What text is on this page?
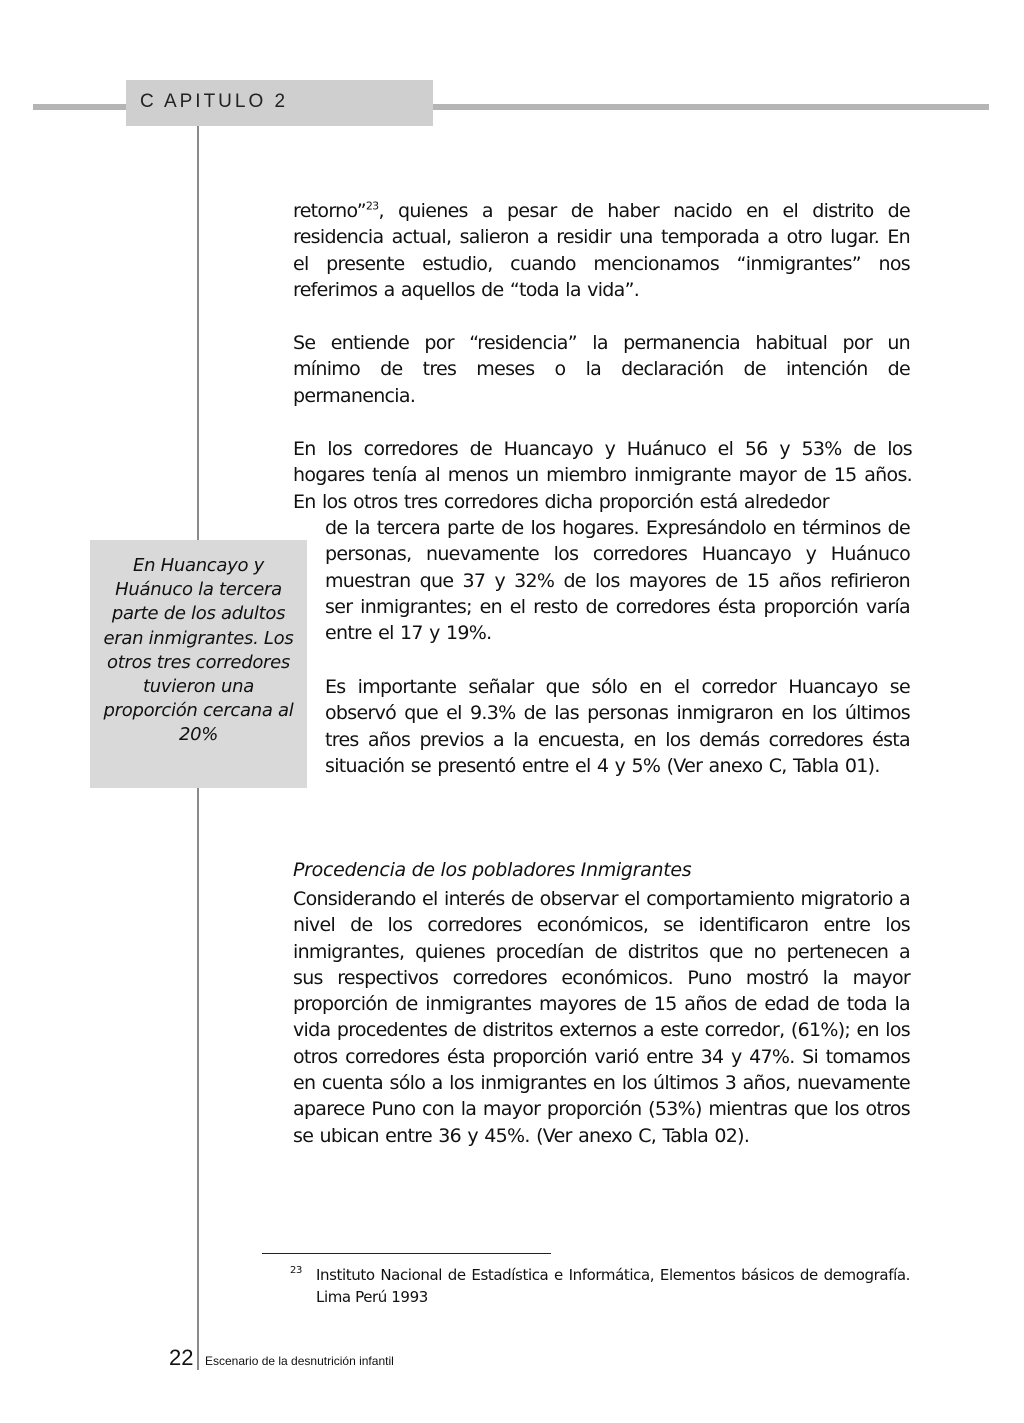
C APITULO 2

retorno”$^{23}$, quienes a pesar de haber nacido en el distrito de residencia actual, salieron a residir una temporada a otro lugar. En el presente estudio, cuando mencionamos “inmigrantes” nos referimos a aquellos de “toda la vida”.

Se entiende por “residencia” la permanencia habitual por un mínimo de tres meses o la declaración de intención de permanencia.

En los corredores de Huancayo y Huánuco el 56 y 53% de los hogares tenía al menos un miembro inmigrante mayor de 15 años. En los otros tres corredores dicha proporción está alrededor

de la tercera parte de los hogares. Expresándolo en términos de personas, nuevamente los corredores Huancayo y Huánuco muestran que 37 y 32% de los mayores de 15 años refirieron ser inmigrantes; en el resto de corredores ésta proporción varía entre el 17 y 19%.

Es importante señalar que sólo en el corredor Huancayo se observó que el 9.3% de las personas inmigraron en los últimos tres años previos a la encuesta, en los demás corredores ésta situación se presentó entre el 4 y 5% (Ver anexo C, Tabla 01).

En Huancayo y Huánuco la tercera parte de los adultos eran inmigrantes. Los otros tres corredores tuvieron una proporción cercana al 20%
Procedencia de los pobladores Inmigrantes

Considerando el interés de observar el comportamiento migratorio a nivel de los corredores económicos, se identificaron entre los inmigrantes, quienes procedían de distritos que no pertenecen a sus respectivos corredores económicos. Puno mostró la mayor proporción de inmigrantes mayores de 15 años de edad de toda la vida procedentes de distritos externos a este corredor, (61%); en los otros corredores ésta proporción varió entre 34 y 47%. Si tomamos en cuenta sólo a los inmigrantes en los últimos 3 años, nuevamente aparece Puno con la mayor proporción (53%) mientras que los otros se ubican entre 36 y 45%. (Ver anexo C, Tabla 02).

23 Instituto Nacional de Estadística e Informática, Elementos básicos de demografía. Lima Perú 1993
22 Escenario de la desnutrición infantil
